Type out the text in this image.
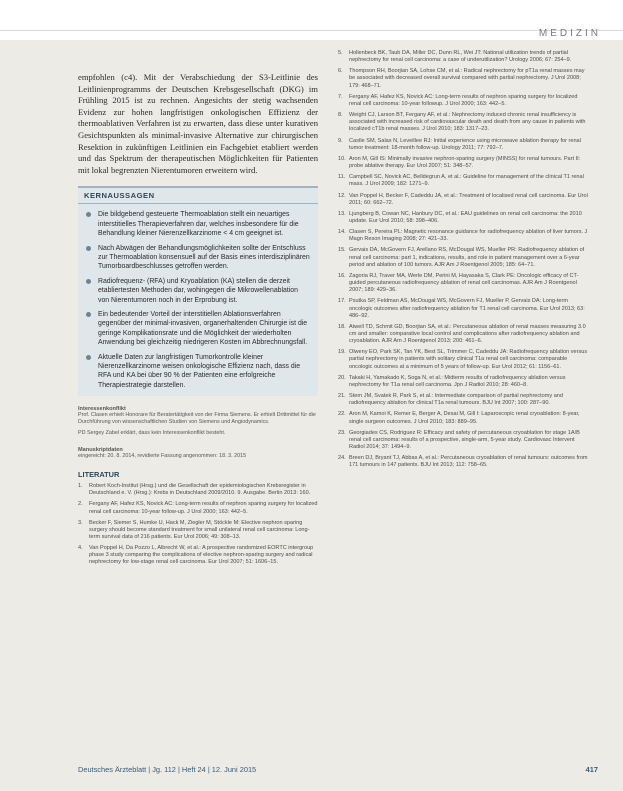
MEDIZIN

empfohlen (c4). Mit der Verabschiedung der S3-Leitlinie des Leitlinienprogramms der Deutschen Krebsgesellschaft (DKG) im Frühling 2015 ist zu rechnen. Angesichts der stetig wachsenden Evidenz zur hohen langfristigen onkologischen Effizienz der thermoablativen Verfahren ist zu erwarten, dass diese unter kurativen Gesichtspunkten als minimal-invasive Alternative zur chirurgischen Resektion in zukünftigen Leitlinien ein Fachgebiet etabliert werden und das Spektrum der therapeutischen Möglichkeiten für Patienten mit lokal begrenzten Nierentumoren erweitern wird.

KERNAUSSAGEN
Die bildgebend gesteuerte Thermoablation stellt ein neuartiges interstitielles Therapieverfahren dar, welches insbesondere für die Behandlung kleiner Nierenzellkarzinome < 4 cm geeignet ist.
Nach Abwägen der Behandlungsmöglichkeiten sollte der Entschluss zur Thermoablation konsensuell auf der Basis eines interdisziplinären Tumorboardbeschlusses getroffen werden.
Radiofrequenz- (RFA) und Kryoablation (KA) stellen die derzeit etabliertesten Methoden dar, wohingegen die Mikrowellenablation von Nierentumoren noch in der Erprobung ist.
Ein bedeutender Vorteil der interstitiellen Ablationsverfahren gegenüber der minimal-invasiven, organerhaltenden Chirurgie ist die geringe Komplikationsrate und die Möglichkeit der wiederholten Anwendung bei gleichzeitig niedrigeren Kosten im Abbrechnungsfall.
Aktuelle Daten zur langfristigen Tumorkontrolle kleiner Nierenzellkarzinome weisen onkologische Effizienz nach, dass die RFA und KA bei über 90 % der Patienten eine erfolgreiche Therapiestrategie darstellen.
Interessenkonflikt

Prof. Clasen erhielt Honorare für Beratertätigkeit von der Firma Siemens. Er erhielt Drittmittel für die Durchführung von wissenschaftlichen Studien von Siemens und Angiodynamics.

PD Sergey Zabel erklärt, dass kein Interessenkonflikt besteht.

Manuskriptdaten

eingereicht: 20. 8. 2014, revidierte Fassung angenommen: 18. 3. 2015

LITERATUR
1. Robert Koch-Institut (Hrsg.) und die Gesellschaft der epidemiologischen Krebsregister in Deutschland e. V. (Hrsg.): Krebs in Deutschland 2009/2010. 9. Ausgabe. Berlin 2013: 160.
2. Fergany AF, Hafez KS, Novick AC: Long-term results of nephron sparing surgery for localized renal cell carcinoma: 10-year follow-up. J Urol 2000; 163: 442–5.
3. Becker F, Siemer S, Humke U, Hack M, Ziegler M, Stöckle M: Elective nephron sparing surgery should become standard treatment for small unilateral renal cell carcinoma: Long-term survival data of 216 patients. Eur Urol 2006; 49: 308–13.
4. Van Poppel H, Da Pozzo L, Albrecht W, et al.: A prospective randomized EORTC intergroup phase 3 study comparing the complications of elective nephron-sparing surgery and radical nephrectomy for low-stage renal cell carcinoma. Eur Urol 2007; 51: 1606–15.
5. Hollenbeck BK, Taub DA, Miller DC, Dunn RL, Wei JT: National utilization trends of partial nephrectomy for renal cell carcinoma: a case of underutilization? Urology 2006; 67: 254–9.
6. Thompson RH, Boorjian SA, Lohse CM, et al.: Radical nephrectomy for pT1a renal masses may be associated with decreased overall survival compared with partial nephrectomy. J Urol 2008; 179: 468–71.
7. Fergany AF, Hafez KS, Novick AC: Long-term results of nephron sparing surgery for localized renal cell carcinoma: 10-year followup. J Urol 2000; 163: 442–5.
8. Weight CJ, Larson BT, Fergany AF, et al.: Nephrectomy induced chronic renal insufficiency is associated with increased risk of cardiovascular death and death from any cause in patients with localized cT1b renal masses. J Urol 2010; 183: 1317–23.
9. Castle SM, Salas N, Leveillee RJ: Initial experience using microwave ablation therapy for renal tumor treatment: 18-month follow-up. Urology 2011; 77: 792–7.
10. Aron M, Gill IS: Minimally invasive nephron-sparing surgery (MINSS) for renal tumours. Part II: probe ablative therapy. Eur Urol 2007; 51: 348–57.
11. Campbell SC, Novick AC, Belldegrun A, et al.: Guideline for management of the clinical T1 renal mass. J Urol 2009; 182: 1271–9.
12. Van Poppel H, Becker F, Cadeddu JA, et al.: Treatment of localised renal cell carcinoma. Eur Urol 2011; 60: 662–72.
13. Ljungberg B, Cowan NC, Hanbury DC, et al.: EAU guidelines on renal cell carcinoma: the 2010 update. Eur Urol 2010; 58: 398–406.
14. Clasen S, Pereira PL: Magnetic resonance guidance for radiofrequency ablation of liver tumors. J Magn Reson Imaging 2008; 27: 421–33.
15. Gervais DA, McGovern FJ, Arellano RS, McDougal WS, Mueller PR: Radiofrequency ablation of renal cell carcinoma: part 1, indications, results, and role in patient management over a 6-year period and ablation of 100 tumors. AJR Am J Roentgenol 2005; 185: 64–71.
16. Zagoria RJ, Traver MA, Werle DM, Perini M, Hayasaka S, Clark PE: Oncologic efficacy of CT-guided percutaneous radiofrequency ablation of renal cell carcinomas. AJR Am J Roentgenol 2007; 189: 429–36.
17. Psutka SP, Feldman AS, McDougal WS, McGovern FJ, Mueller P, Gervais DA: Long-term oncologic outcomes after radiofrequency ablation for T1 renal cell carcinoma. Eur Urol 2013; 63: 486–92.
18. Atwell TD, Schmit GD, Boorjian SA, et al.: Percutaneous ablation of renal masses measuring 3.0 cm and smaller: comparative local control and complications after radiofrequency ablation and cryoablation. AJR Am J Roentgenol 2013; 200: 461–6.
19. Olweny EO, Park SK, Tan YK, Best SL, Trimmer C, Cadeddu JA: Radiofrequency ablation versus partial nephrectomy in patients with solitary clinical T1a renal cell carcinoma: comparable oncologic outcomes at a minimum of 5 years of follow-up. Eur Urol 2012; 61: 1156–61.
20. Takaki H, Yamakado K, Soga N, et al.: Midterm results of radiofrequency ablation versus nephrectomy for T1a renal cell carcinoma. Jpn J Radiol 2010; 28: 460–8.
21. Stern JM, Svatek R, Park S, et al.: Intermediate comparison of partial nephrectomy and radiofrequency ablation for clinical T1a renal tumours. BJU Int 2007; 100: 287–90.
22. Aron M, Kamoi K, Remer E, Berger A, Desai M, Gill I: Laparoscopic renal cryoablation: 8-year, single surgeon outcomes. J Urol 2010; 183: 889–95.
23. Georgiades CS, Rodriguez R: Efficacy and safety of percutaneous cryoablation for stage 1A/B renal cell carcinoma: results of a prospective, single-arm, 5-year study. Cardiovasc Intervent Radiol 2014; 37: 1494–9.
24. Breen DJ, Bryant TJ, Abbas A, et al.: Percutaneous cryoablation of renal tumours: outcomes from 171 tumours in 147 patients. BJU Int 2013; 112: 758–65.
Deutsches Ärzteblatt | Jg. 112 | Heft 24 | 12. Juni 2015	417
